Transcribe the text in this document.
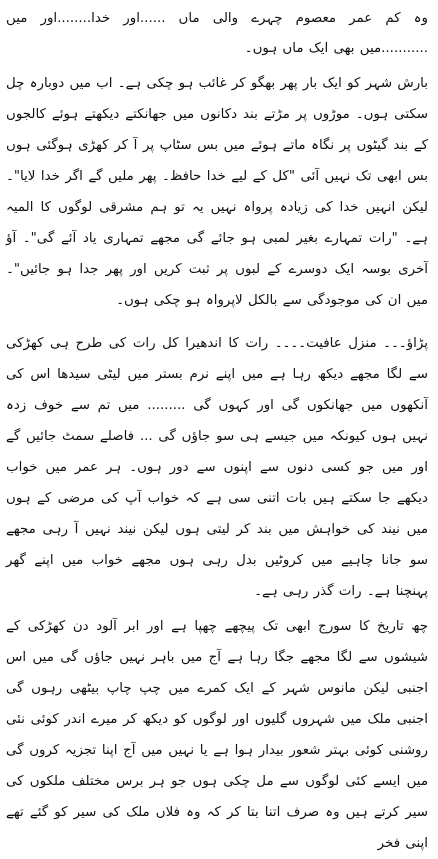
وہ کم عمر معصوم چہرے والی ماں ......اور خدا........اور میں ...........میں بھی ایک ماں ہوں۔

بارش شہر کو ایک بار پھر بھگو کر غائب ہو چکی ہے۔ اب میں دوبارہ چل سکتی ہوں۔ موڑوں پر مڑتے بند دکانوں میں جھانکتے دیکھتے ہوئے کالجوں کے بند گیٹوں پر نگاہ ماتے ہوئے میں بس سٹاپ پر آ کر کھڑی ہوگئی ہوں بس ابھی تک نہیں آئی "کل کے لیے خدا حافظ۔ پھر ملیں گے اگر خدا لایا"۔ لیکن انہیں خدا کی زیادہ پرواہ نہیں یہ تو ہم مشرقی لوگوں کا المیہ ہے۔ "رات تمہارے بغیر لمبی ہو جائے گی مجھے تمہاری یاد آئے گی"۔ آؤ آخری بوسہ ایک دوسرے کے لبوں پر ثبت کریں اور پھر جدا ہو جائیں"۔ میں ان کی موجودگی سے بالکل لاپرواہ ہو چکی ہوں۔

پڑاؤ۔۔۔ منزل عافیت۔۔۔۔ رات کا اندھیرا کل رات کی طرح ہی کھڑکی سے لگا مجھے دیکھ رہا ہے میں اپنے نرم بستر میں لیٹی سیدھا اس کی آنکھوں میں جھانکوں گی اور کہوں گی ......... میں تم سے خوف زدہ نہیں ہوں کیونکہ میں جیسے ہی سو جاؤں گی ... فاصلے سمٹ جائیں گے اور میں جو کسی دنوں سے اپنوں سے دور ہوں۔ ہر عمر میں خواب دیکھے جا سکتے ہیں بات اتنی سی ہے کہ خواب آپ کی مرضی کے ہوں میں نیند کی خواہش میں بند کر لیتی ہوں لیکن نیند نہیں آ رہی مجھے سو جانا چاہیے میں کروٹیں بدل رہی ہوں مجھے خواب میں اپنے گھر پہنچنا ہے۔ رات گذر رہی ہے۔

چھ تاریخ کا سورج ابھی تک پیچھے چھپا ہے اور ابر آلود دن کھڑکی کے شیشوں سے لگا مجھے جگا رہا ہے آج میں باہر نہیں جاؤں گی میں اس اجنبی لیکن مانوس شہر کے ایک کمرے میں چپ چاپ بیٹھی رہوں گی اجنبی ملک میں شہروں گلیوں اور لوگوں کو دیکھ کر میرے اندر کوئی نئی روشنی کوئی بہتر شعور بیدار ہوا ہے یا نہیں میں آج اپنا تجزیہ کروں گی میں ایسے کئی لوگوں سے مل چکی ہوں جو ہر برس مختلف ملکوں کی سیر کرتے ہیں وہ صرف اتنا بتا کر کہ وہ فلاں ملک کی سیر کو گئے تھے اپنی فخر
